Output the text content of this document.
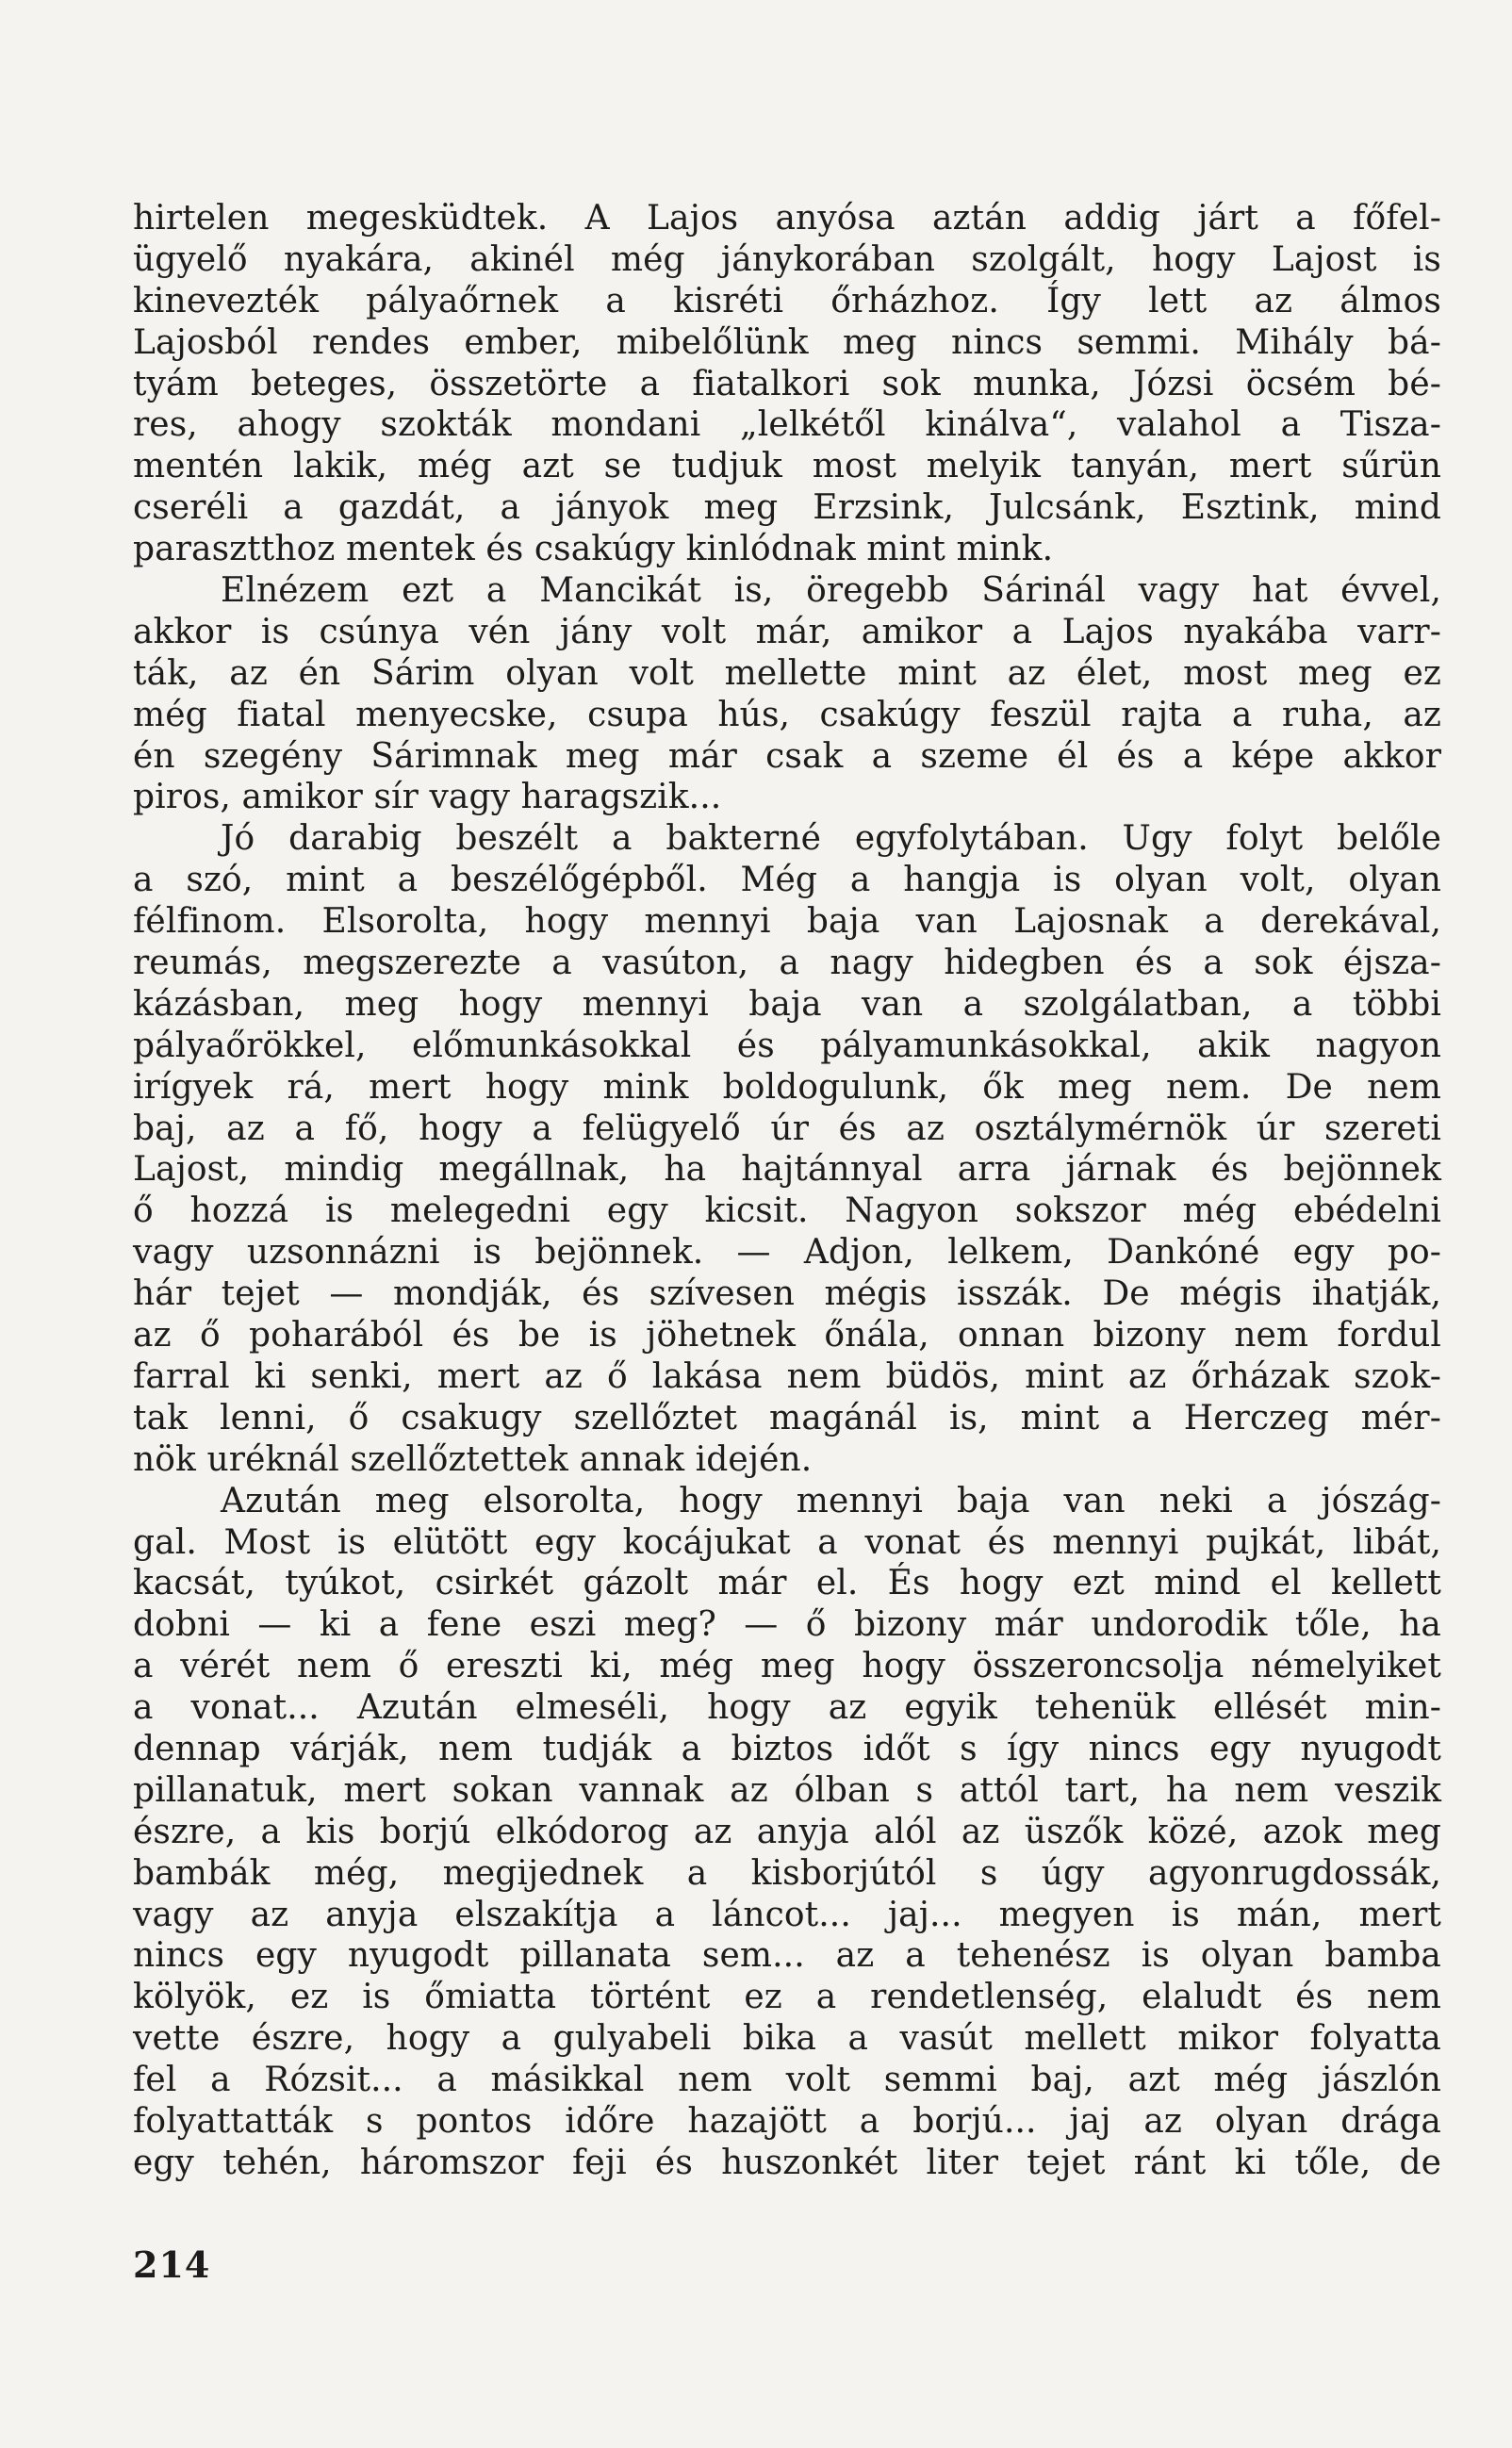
hirtelen megesküdtek. A Lajos anyósa aztán addig járt a főfel-
ügyelő nyakára, akinél még jánykorában szolgált, hogy Lajost is
kinevezték pályaőrnek a kisréti őrházhoz. Így lett az álmos
Lajosból rendes ember, mibelőlünk meg nincs semmi. Mihály bá-
tyám beteges, összetörte a fiatalkori sok munka, Józsi öcsém bé-
res, ahogy szokták mondani „lelkétől kinálva“, valahol a Tisza-
mentén lakik, még azt se tudjuk most melyik tanyán, mert sűrün
cseréli a gazdát, a jányok meg Erzsink, Julcsánk, Esztink, mind
parasztthoz mentek és csakúgy kinlódnak mint mink.
Elnézem ezt a Mancikát is, öregebb Sárinál vagy hat évvel,
akkor is csúnya vén jány volt már, amikor a Lajos nyakába varr-
ták, az én Sárim olyan volt mellette mint az élet, most meg ez
még fiatal menyecske, csupa hús, csakúgy feszül rajta a ruha, az
én szegény Sárimnak meg már csak a szeme él és a képe akkor
piros, amikor sír vagy haragszik...
Jó darabig beszélt a bakterné egyfolytában. Ugy folyt belőle
a szó, mint a beszélőgépből. Még a hangja is olyan volt, olyan
félfinom. Elsorolta, hogy mennyi baja van Lajosnak a derekával,
reumás, megszerezte a vasúton, a nagy hidegben és a sok éjsza-
kázásban, meg hogy mennyi baja van a szolgálatban, a többi
pályaőrökkel, előmunkásokkal és pályamunkásokkal, akik nagyon
irígyek rá, mert hogy mink boldogulunk, ők meg nem. De nem
baj, az a fő, hogy a felügyelő úr és az osztálymérnök úr szereti
Lajost, mindig megállnak, ha hajtánnyal arra járnak és bejönnek
ő hozzá is melegedni egy kicsit. Nagyon sokszor még ebédelni
vagy uzsonnázni is bejönnek. — Adjon, lelkem, Dankóné egy po-
hár tejet — mondják, és szívesen mégis isszák. De mégis ihatják,
az ő poharából és be is jöhetnek őnála, onnan bizony nem fordul
farral ki senki, mert az ő lakása nem büdös, mint az őrházak szok-
tak lenni, ő csakugy szellőztet magánál is, mint a Herczeg mér-
nök uréknál szellőztettek annak idején.
Azután meg elsorolta, hogy mennyi baja van neki a jószág-
gal. Most is elütött egy kocájukat a vonat és mennyi pujkát, libát,
kacsát, tyúkot, csirkét gázolt már el. És hogy ezt mind el kellett
dobni — ki a fene eszi meg? — ő bizony már undorodik tőle, ha
a vérét nem ő ereszti ki, még meg hogy összeroncsolja némelyiket
a vonat... Azután elmeséli, hogy az egyik tehenük ellését min-
dennap várják, nem tudják a biztos időt s így nincs egy nyugodt
pillanatuk, mert sokan vannak az ólban s attól tart, ha nem veszik
észre, a kis borjú elkódorog az anyja alól az üszők közé, azok meg
bambák még, megijednek a kisborjútól s úgy agyonrugdossák,
vagy az anyja elszakítja a láncot... jaj... megyen is mán, mert
nincs egy nyugodt pillanata sem... az a tehenész is olyan bamba
kölyök, ez is őmiatta történt ez a rendetlenség, elaludt és nem
vette észre, hogy a gulyabeli bika a vasút mellett mikor folyatta
fel a Rózsit... a másikkal nem volt semmi baj, azt még jászlón
folyattatták s pontos időre hazajött a borjú... jaj az olyan drága
egy tehén, háromszor feji és huszonkét liter tejet ránt ki tőle, de
214
